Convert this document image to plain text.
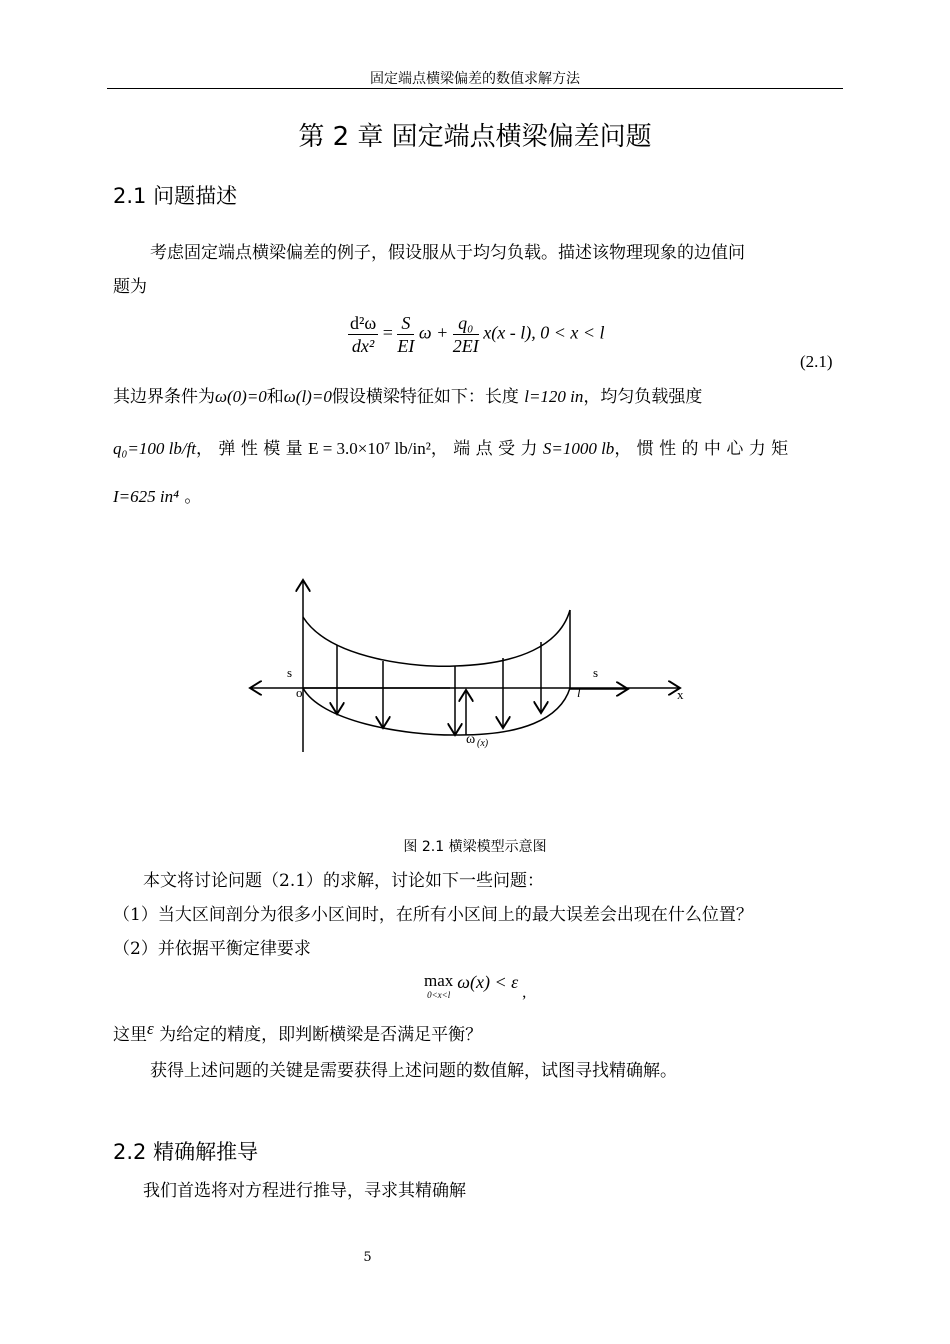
固定端点横梁偏差的数值求解方法
第 2 章 固定端点横梁偏差问题
2.1 问题描述
考虑固定端点横梁偏差的例子，假设服从于均匀负载。描述该物理现象的边值问
题为
$\frac{\text{d²ω}}{\text{dx²}} = \frac{S}{EI}$ $\omega + \frac{\text{q₀}}{2EI} x(x - l)$, 0 < x < l
(2.1)
其边界条件为ω(0)=0和ω(l)=0假设横梁特征如下：长度 l=120 in，均匀负载强度
q₀=100 lb/ft， 弹 性 模 量 E = 3.0×10⁷ lb/in²， 端 点 受 力 S=1000 lb， 惯 性 的 中 心 力 矩
I=625 in⁴ 。
s	s
o	l	x
ω (x)
图 2.1 横梁模型示意图
本文将讨论问题（2.1）的求解，讨论如下一些问题：
（1）当大区间剖分为很多小区间时，在所有小区间上的最大误差会出现在什么位置？
（2）并依据平衡定律要求
max
0<x<l
ω(x) < ε ,
这里ε 为给定的精度，即判断横梁是否满足平衡？
获得上述问题的关键是需要获得上述问题的数值解，试图寻找精确解。
2.2 精确解推导
我们首选将对方程进行推导，寻求其精确解
5
